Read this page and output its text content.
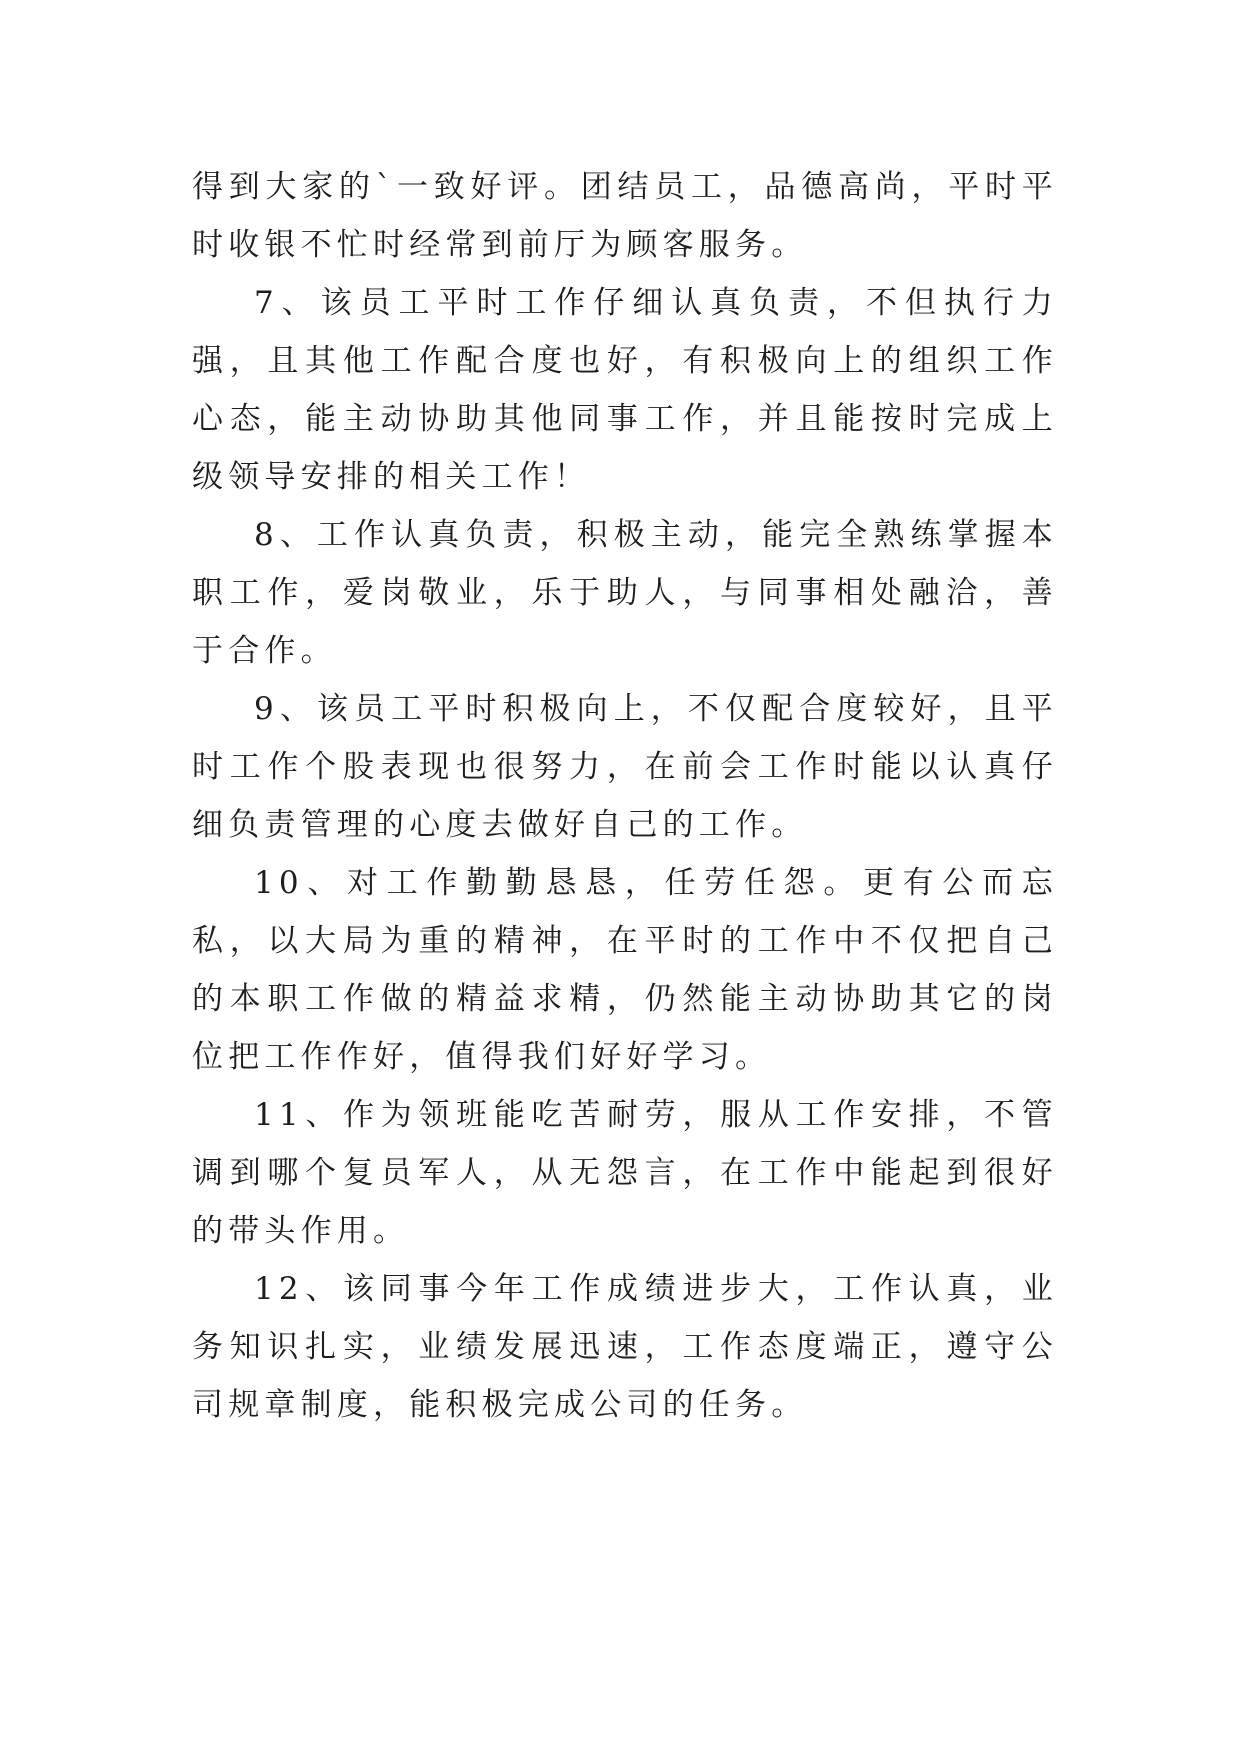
得到大家的`一致好评。团结员工，品德高尚，平时平时收银不忙时经常到前厅为顾客服务。

7、该员工平时工作仔细认真负责，不但执行力强，且其他工作配合度也好，有积极向上的组织工作心态，能主动协助其他同事工作，并且能按时完成上级领导安排的相关工作！

8、工作认真负责，积极主动，能完全熟练掌握本职工作，爱岗敬业，乐于助人，与同事相处融洽，善于合作。

9、该员工平时积极向上，不仅配合度较好，且平时工作个股表现也很努力，在前会工作时能以认真仔细负责管理的心度去做好自己的工作。

10、对工作勤勤恳恳，任劳任怨。更有公而忘私，以大局为重的精神，在平时的工作中不仅把自己的本职工作做的精益求精，仍然能主动协助其它的岗位把工作作好，值得我们好好学习。

11、作为领班能吃苦耐劳，服从工作安排，不管调到哪个复员军人，从无怨言，在工作中能起到很好的带头作用。

12、该同事今年工作成绩进步大，工作认真，业务知识扎实，业绩发展迅速，工作态度端正，遵守公司规章制度，能积极完成公司的任务。
